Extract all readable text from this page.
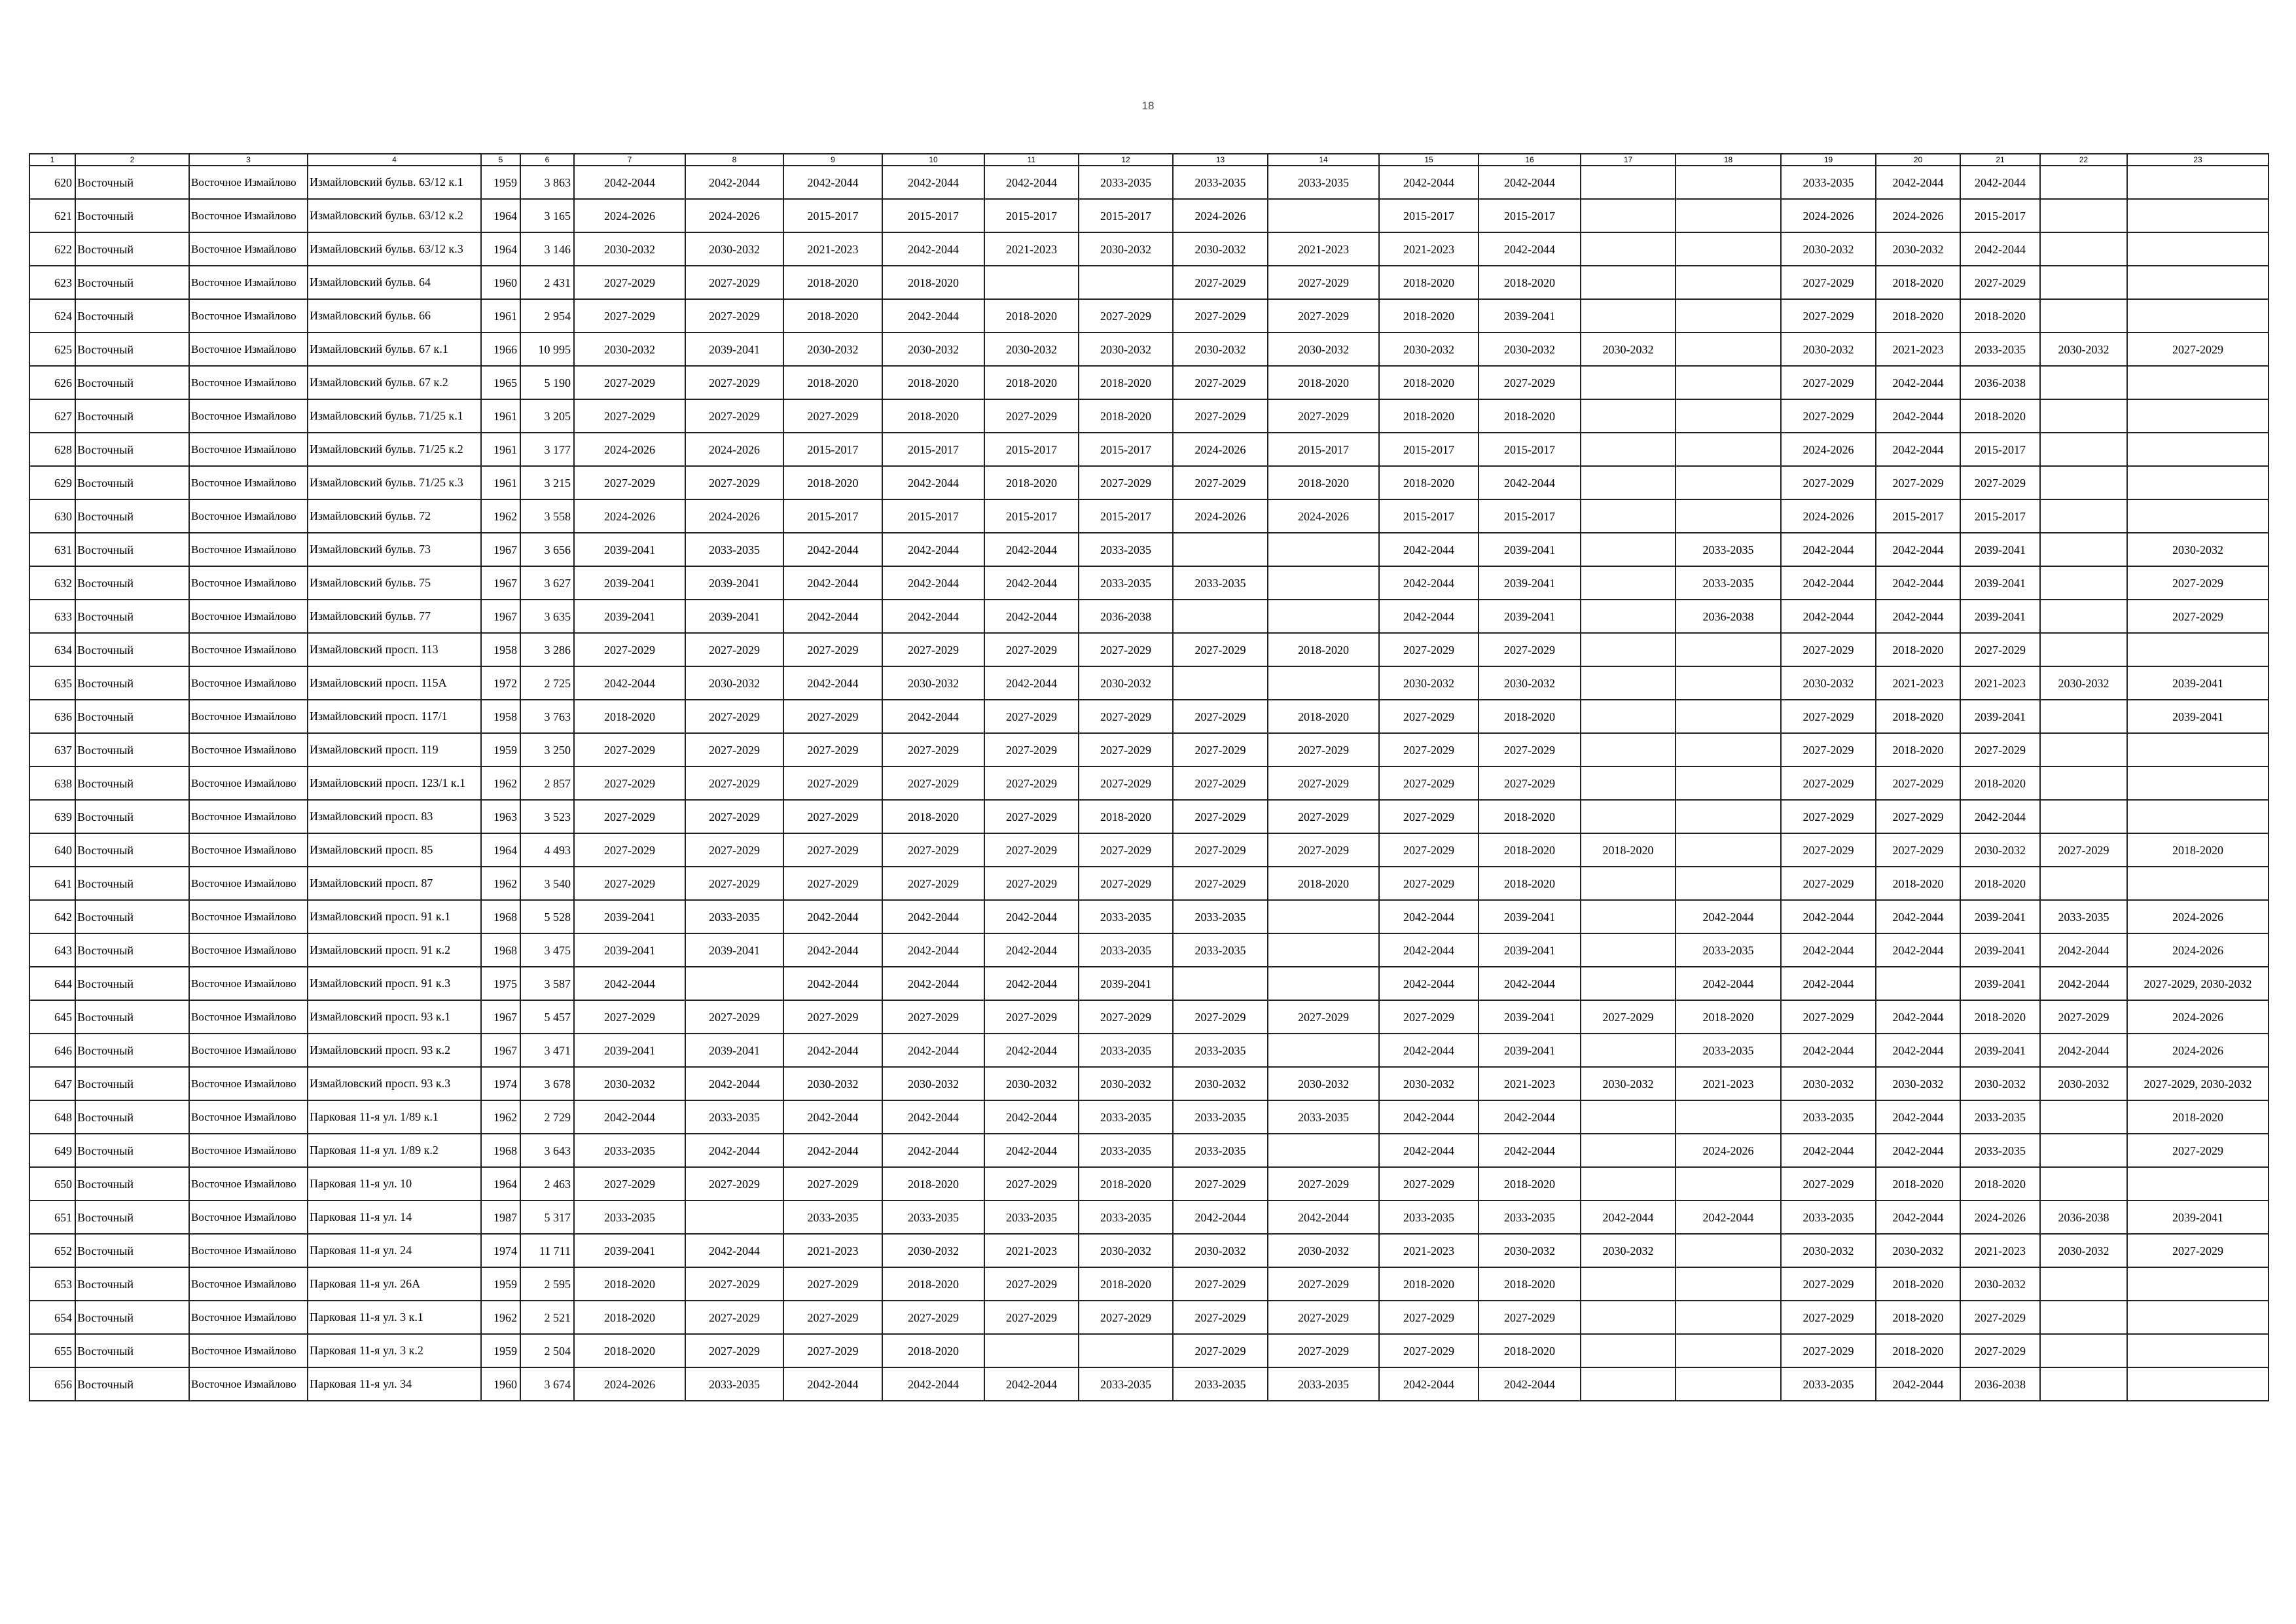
18
1	2	3	4	5	6	7	8	9	10	11	12	13	14	15	16	17	18	19	20	21	22	23
620	Восточный	Восточное Измайлово	Измайловский бульв. 63/12 к.1	1959	3 863	2042-2044	2042-2044	2042-2044	2042-2044	2042-2044	2033-2035	2033-2035	2033-2035	2042-2044	2042-2044			2033-2035	2042-2044	2042-2044		
621	Восточный	Восточное Измайлово	Измайловский бульв. 63/12 к.2	1964	3 165	2024-2026	2024-2026	2015-2017	2015-2017	2015-2017	2015-2017	2024-2026		2015-2017	2015-2017			2024-2026	2024-2026	2015-2017		
622	Восточный	Восточное Измайлово	Измайловский бульв. 63/12 к.3	1964	3 146	2030-2032	2030-2032	2021-2023	2042-2044	2021-2023	2030-2032	2030-2032	2021-2023	2021-2023	2042-2044			2030-2032	2030-2032	2042-2044		
623	Восточный	Восточное Измайлово	Измайловский бульв. 64	1960	2 431	2027-2029	2027-2029	2018-2020	2018-2020			2027-2029	2027-2029	2018-2020	2018-2020			2027-2029	2018-2020	2027-2029		
624	Восточный	Восточное Измайлово	Измайловский бульв. 66	1961	2 954	2027-2029	2027-2029	2018-2020	2042-2044	2018-2020	2027-2029	2027-2029	2027-2029	2018-2020	2039-2041			2027-2029	2018-2020	2018-2020		
625	Восточный	Восточное Измайлово	Измайловский бульв. 67 к.1	1966	10 995	2030-2032	2039-2041	2030-2032	2030-2032	2030-2032	2030-2032	2030-2032	2030-2032	2030-2032	2030-2032	2030-2032		2030-2032	2021-2023	2033-2035	2030-2032	2027-2029
626	Восточный	Восточное Измайлово	Измайловский бульв. 67 к.2	1965	5 190	2027-2029	2027-2029	2018-2020	2018-2020	2018-2020	2018-2020	2027-2029	2018-2020	2018-2020	2027-2029			2027-2029	2042-2044	2036-2038		
627	Восточный	Восточное Измайлово	Измайловский бульв. 71/25 к.1	1961	3 205	2027-2029	2027-2029	2027-2029	2018-2020	2027-2029	2018-2020	2027-2029	2027-2029	2018-2020	2018-2020			2027-2029	2042-2044	2018-2020		
628	Восточный	Восточное Измайлово	Измайловский бульв. 71/25 к.2	1961	3 177	2024-2026	2024-2026	2015-2017	2015-2017	2015-2017	2015-2017	2024-2026	2015-2017	2015-2017	2015-2017			2024-2026	2042-2044	2015-2017		
629	Восточный	Восточное Измайлово	Измайловский бульв. 71/25 к.3	1961	3 215	2027-2029	2027-2029	2018-2020	2042-2044	2018-2020	2027-2029	2027-2029	2018-2020	2018-2020	2042-2044			2027-2029	2027-2029	2027-2029		
630	Восточный	Восточное Измайлово	Измайловский бульв. 72	1962	3 558	2024-2026	2024-2026	2015-2017	2015-2017	2015-2017	2015-2017	2024-2026	2024-2026	2015-2017	2015-2017			2024-2026	2015-2017	2015-2017		
631	Восточный	Восточное Измайлово	Измайловский бульв. 73	1967	3 656	2039-2041	2033-2035	2042-2044	2042-2044	2042-2044	2033-2035			2042-2044	2039-2041		2033-2035	2042-2044	2042-2044	2039-2041		2030-2032
632	Восточный	Восточное Измайлово	Измайловский бульв. 75	1967	3 627	2039-2041	2039-2041	2042-2044	2042-2044	2042-2044	2033-2035	2033-2035		2042-2044	2039-2041		2033-2035	2042-2044	2042-2044	2039-2041		2027-2029
633	Восточный	Восточное Измайлово	Измайловский бульв. 77	1967	3 635	2039-2041	2039-2041	2042-2044	2042-2044	2042-2044	2036-2038			2042-2044	2039-2041		2036-2038	2042-2044	2042-2044	2039-2041		2027-2029
634	Восточный	Восточное Измайлово	Измайловский просп. 113	1958	3 286	2027-2029	2027-2029	2027-2029	2027-2029	2027-2029	2027-2029	2027-2029	2018-2020	2027-2029	2027-2029			2027-2029	2018-2020	2027-2029		
635	Восточный	Восточное Измайлово	Измайловский просп. 115А	1972	2 725	2042-2044	2030-2032	2042-2044	2030-2032	2042-2044	2030-2032			2030-2032	2030-2032			2030-2032	2021-2023	2021-2023	2030-2032	2039-2041
636	Восточный	Восточное Измайлово	Измайловский просп. 117/1	1958	3 763	2018-2020	2027-2029	2027-2029	2042-2044	2027-2029	2027-2029	2027-2029	2018-2020	2027-2029	2018-2020			2027-2029	2018-2020	2039-2041		2039-2041
637	Восточный	Восточное Измайлово	Измайловский просп. 119	1959	3 250	2027-2029	2027-2029	2027-2029	2027-2029	2027-2029	2027-2029	2027-2029	2027-2029	2027-2029	2027-2029			2027-2029	2018-2020	2027-2029		
638	Восточный	Восточное Измайлово	Измайловский просп. 123/1 к.1	1962	2 857	2027-2029	2027-2029	2027-2029	2027-2029	2027-2029	2027-2029	2027-2029	2027-2029	2027-2029	2027-2029			2027-2029	2027-2029	2018-2020		
639	Восточный	Восточное Измайлово	Измайловский просп. 83	1963	3 523	2027-2029	2027-2029	2027-2029	2018-2020	2027-2029	2018-2020	2027-2029	2027-2029	2027-2029	2018-2020			2027-2029	2027-2029	2042-2044		
640	Восточный	Восточное Измайлово	Измайловский просп. 85	1964	4 493	2027-2029	2027-2029	2027-2029	2027-2029	2027-2029	2027-2029	2027-2029	2027-2029	2027-2029	2018-2020	2018-2020		2027-2029	2027-2029	2030-2032	2027-2029	2018-2020
641	Восточный	Восточное Измайлово	Измайловский просп. 87	1962	3 540	2027-2029	2027-2029	2027-2029	2027-2029	2027-2029	2027-2029	2027-2029	2018-2020	2027-2029	2018-2020			2027-2029	2018-2020	2018-2020		
642	Восточный	Восточное Измайлово	Измайловский просп. 91 к.1	1968	5 528	2039-2041	2033-2035	2042-2044	2042-2044	2042-2044	2033-2035	2033-2035		2042-2044	2039-2041		2042-2044	2042-2044	2042-2044	2039-2041	2033-2035	2024-2026
643	Восточный	Восточное Измайлово	Измайловский просп. 91 к.2	1968	3 475	2039-2041	2039-2041	2042-2044	2042-2044	2042-2044	2033-2035	2033-2035		2042-2044	2039-2041		2033-2035	2042-2044	2042-2044	2039-2041	2042-2044	2024-2026
644	Восточный	Восточное Измайлово	Измайловский просп. 91 к.3	1975	3 587	2042-2044		2042-2044	2042-2044	2042-2044	2039-2041			2042-2044	2042-2044		2042-2044	2042-2044		2039-2041	2042-2044	2027-2029, 2030-2032
645	Восточный	Восточное Измайлово	Измайловский просп. 93 к.1	1967	5 457	2027-2029	2027-2029	2027-2029	2027-2029	2027-2029	2027-2029	2027-2029	2027-2029	2027-2029	2039-2041	2027-2029	2018-2020	2027-2029	2042-2044	2018-2020	2027-2029	2024-2026
646	Восточный	Восточное Измайлово	Измайловский просп. 93 к.2	1967	3 471	2039-2041	2039-2041	2042-2044	2042-2044	2042-2044	2033-2035	2033-2035		2042-2044	2039-2041		2033-2035	2042-2044	2042-2044	2039-2041	2042-2044	2024-2026
647	Восточный	Восточное Измайлово	Измайловский просп. 93 к.3	1974	3 678	2030-2032	2042-2044	2030-2032	2030-2032	2030-2032	2030-2032	2030-2032	2030-2032	2030-2032	2021-2023	2030-2032	2021-2023	2030-2032	2030-2032	2030-2032	2030-2032	2027-2029, 2030-2032
648	Восточный	Восточное Измайлово	Парковая 11-я ул. 1/89 к.1	1962	2 729	2042-2044	2033-2035	2042-2044	2042-2044	2042-2044	2033-2035	2033-2035	2033-2035	2042-2044	2042-2044			2033-2035	2042-2044	2033-2035		2018-2020
649	Восточный	Восточное Измайлово	Парковая 11-я ул. 1/89 к.2	1968	3 643	2033-2035	2042-2044	2042-2044	2042-2044	2042-2044	2033-2035	2033-2035		2042-2044	2042-2044		2024-2026	2042-2044	2042-2044	2033-2035		2027-2029
650	Восточный	Восточное Измайлово	Парковая 11-я ул. 10	1964	2 463	2027-2029	2027-2029	2027-2029	2018-2020	2027-2029	2018-2020	2027-2029	2027-2029	2027-2029	2018-2020			2027-2029	2018-2020	2018-2020		
651	Восточный	Восточное Измайлово	Парковая 11-я ул. 14	1987	5 317	2033-2035		2033-2035	2033-2035	2033-2035	2033-2035	2042-2044	2042-2044	2033-2035	2033-2035	2042-2044	2042-2044	2033-2035	2042-2044	2024-2026	2036-2038	2039-2041
652	Восточный	Восточное Измайлово	Парковая 11-я ул. 24	1974	11 711	2039-2041	2042-2044	2021-2023	2030-2032	2021-2023	2030-2032	2030-2032	2030-2032	2021-2023	2030-2032	2030-2032		2030-2032	2030-2032	2021-2023	2030-2032	2027-2029
653	Восточный	Восточное Измайлово	Парковая 11-я ул. 26А	1959	2 595	2018-2020	2027-2029	2027-2029	2018-2020	2027-2029	2018-2020	2027-2029	2027-2029	2018-2020	2018-2020			2027-2029	2018-2020	2030-2032		
654	Восточный	Восточное Измайлово	Парковая 11-я ул. 3 к.1	1962	2 521	2018-2020	2027-2029	2027-2029	2027-2029	2027-2029	2027-2029	2027-2029	2027-2029	2027-2029	2027-2029			2027-2029	2018-2020	2027-2029		
655	Восточный	Восточное Измайлово	Парковая 11-я ул. 3 к.2	1959	2 504	2018-2020	2027-2029	2027-2029	2018-2020			2027-2029	2027-2029	2027-2029	2018-2020			2027-2029	2018-2020	2027-2029		
656	Восточный	Восточное Измайлово	Парковая 11-я ул. 34	1960	3 674	2024-2026	2033-2035	2042-2044	2042-2044	2042-2044	2033-2035	2033-2035	2033-2035	2042-2044	2042-2044			2033-2035	2042-2044	2036-2038		
